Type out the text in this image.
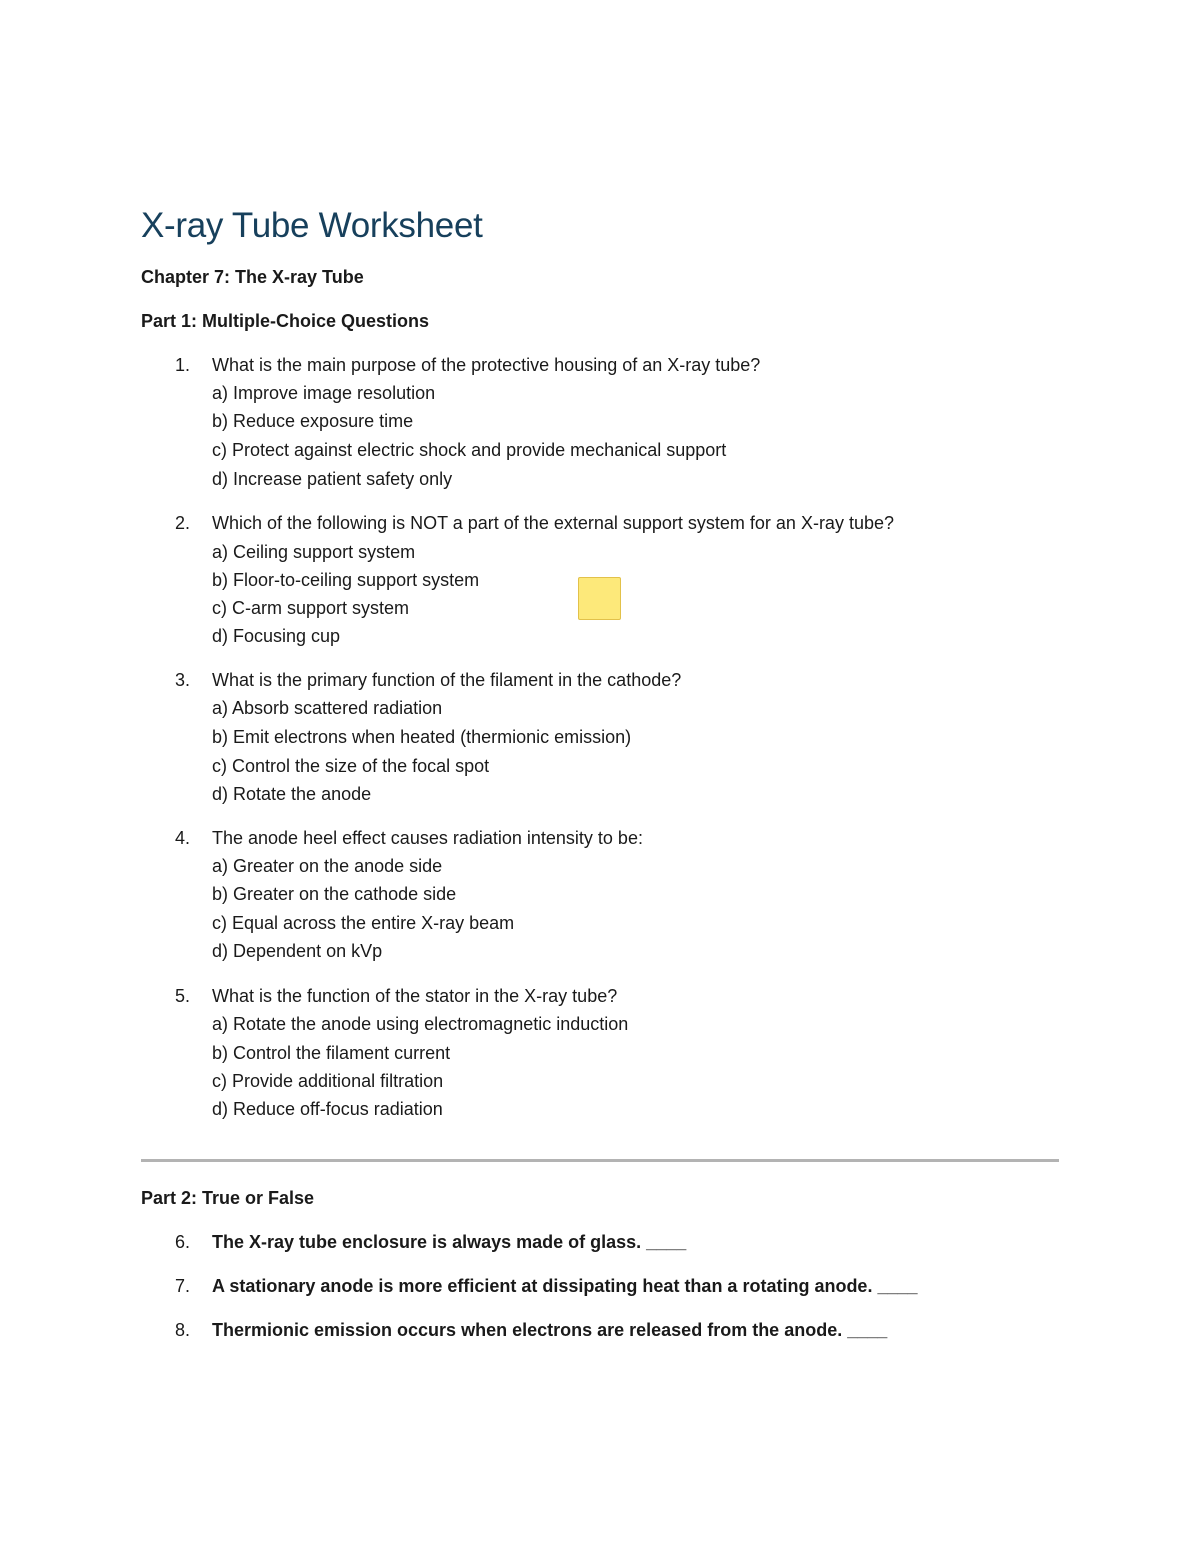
X-ray Tube Worksheet
Chapter 7: The X-ray Tube
Part 1: Multiple-Choice Questions
1. What is the main purpose of the protective housing of an X-ray tube?
a) Improve image resolution
b) Reduce exposure time
c) Protect against electric shock and provide mechanical support
d) Increase patient safety only
2. Which of the following is NOT a part of the external support system for an X-ray tube?
a) Ceiling support system
b) Floor-to-ceiling support system
c) C-arm support system
d) Focusing cup
3. What is the primary function of the filament in the cathode?
a) Absorb scattered radiation
b) Emit electrons when heated (thermionic emission)
c) Control the size of the focal spot
d) Rotate the anode
4. The anode heel effect causes radiation intensity to be:
a) Greater on the anode side
b) Greater on the cathode side
c) Equal across the entire X-ray beam
d) Dependent on kVp
5. What is the function of the stator in the X-ray tube?
a) Rotate the anode using electromagnetic induction
b) Control the filament current
c) Provide additional filtration
d) Reduce off-focus radiation
Part 2: True or False
6. The X-ray tube enclosure is always made of glass. ____
7. A stationary anode is more efficient at dissipating heat than a rotating anode. ____
8. Thermionic emission occurs when electrons are released from the anode. ____
